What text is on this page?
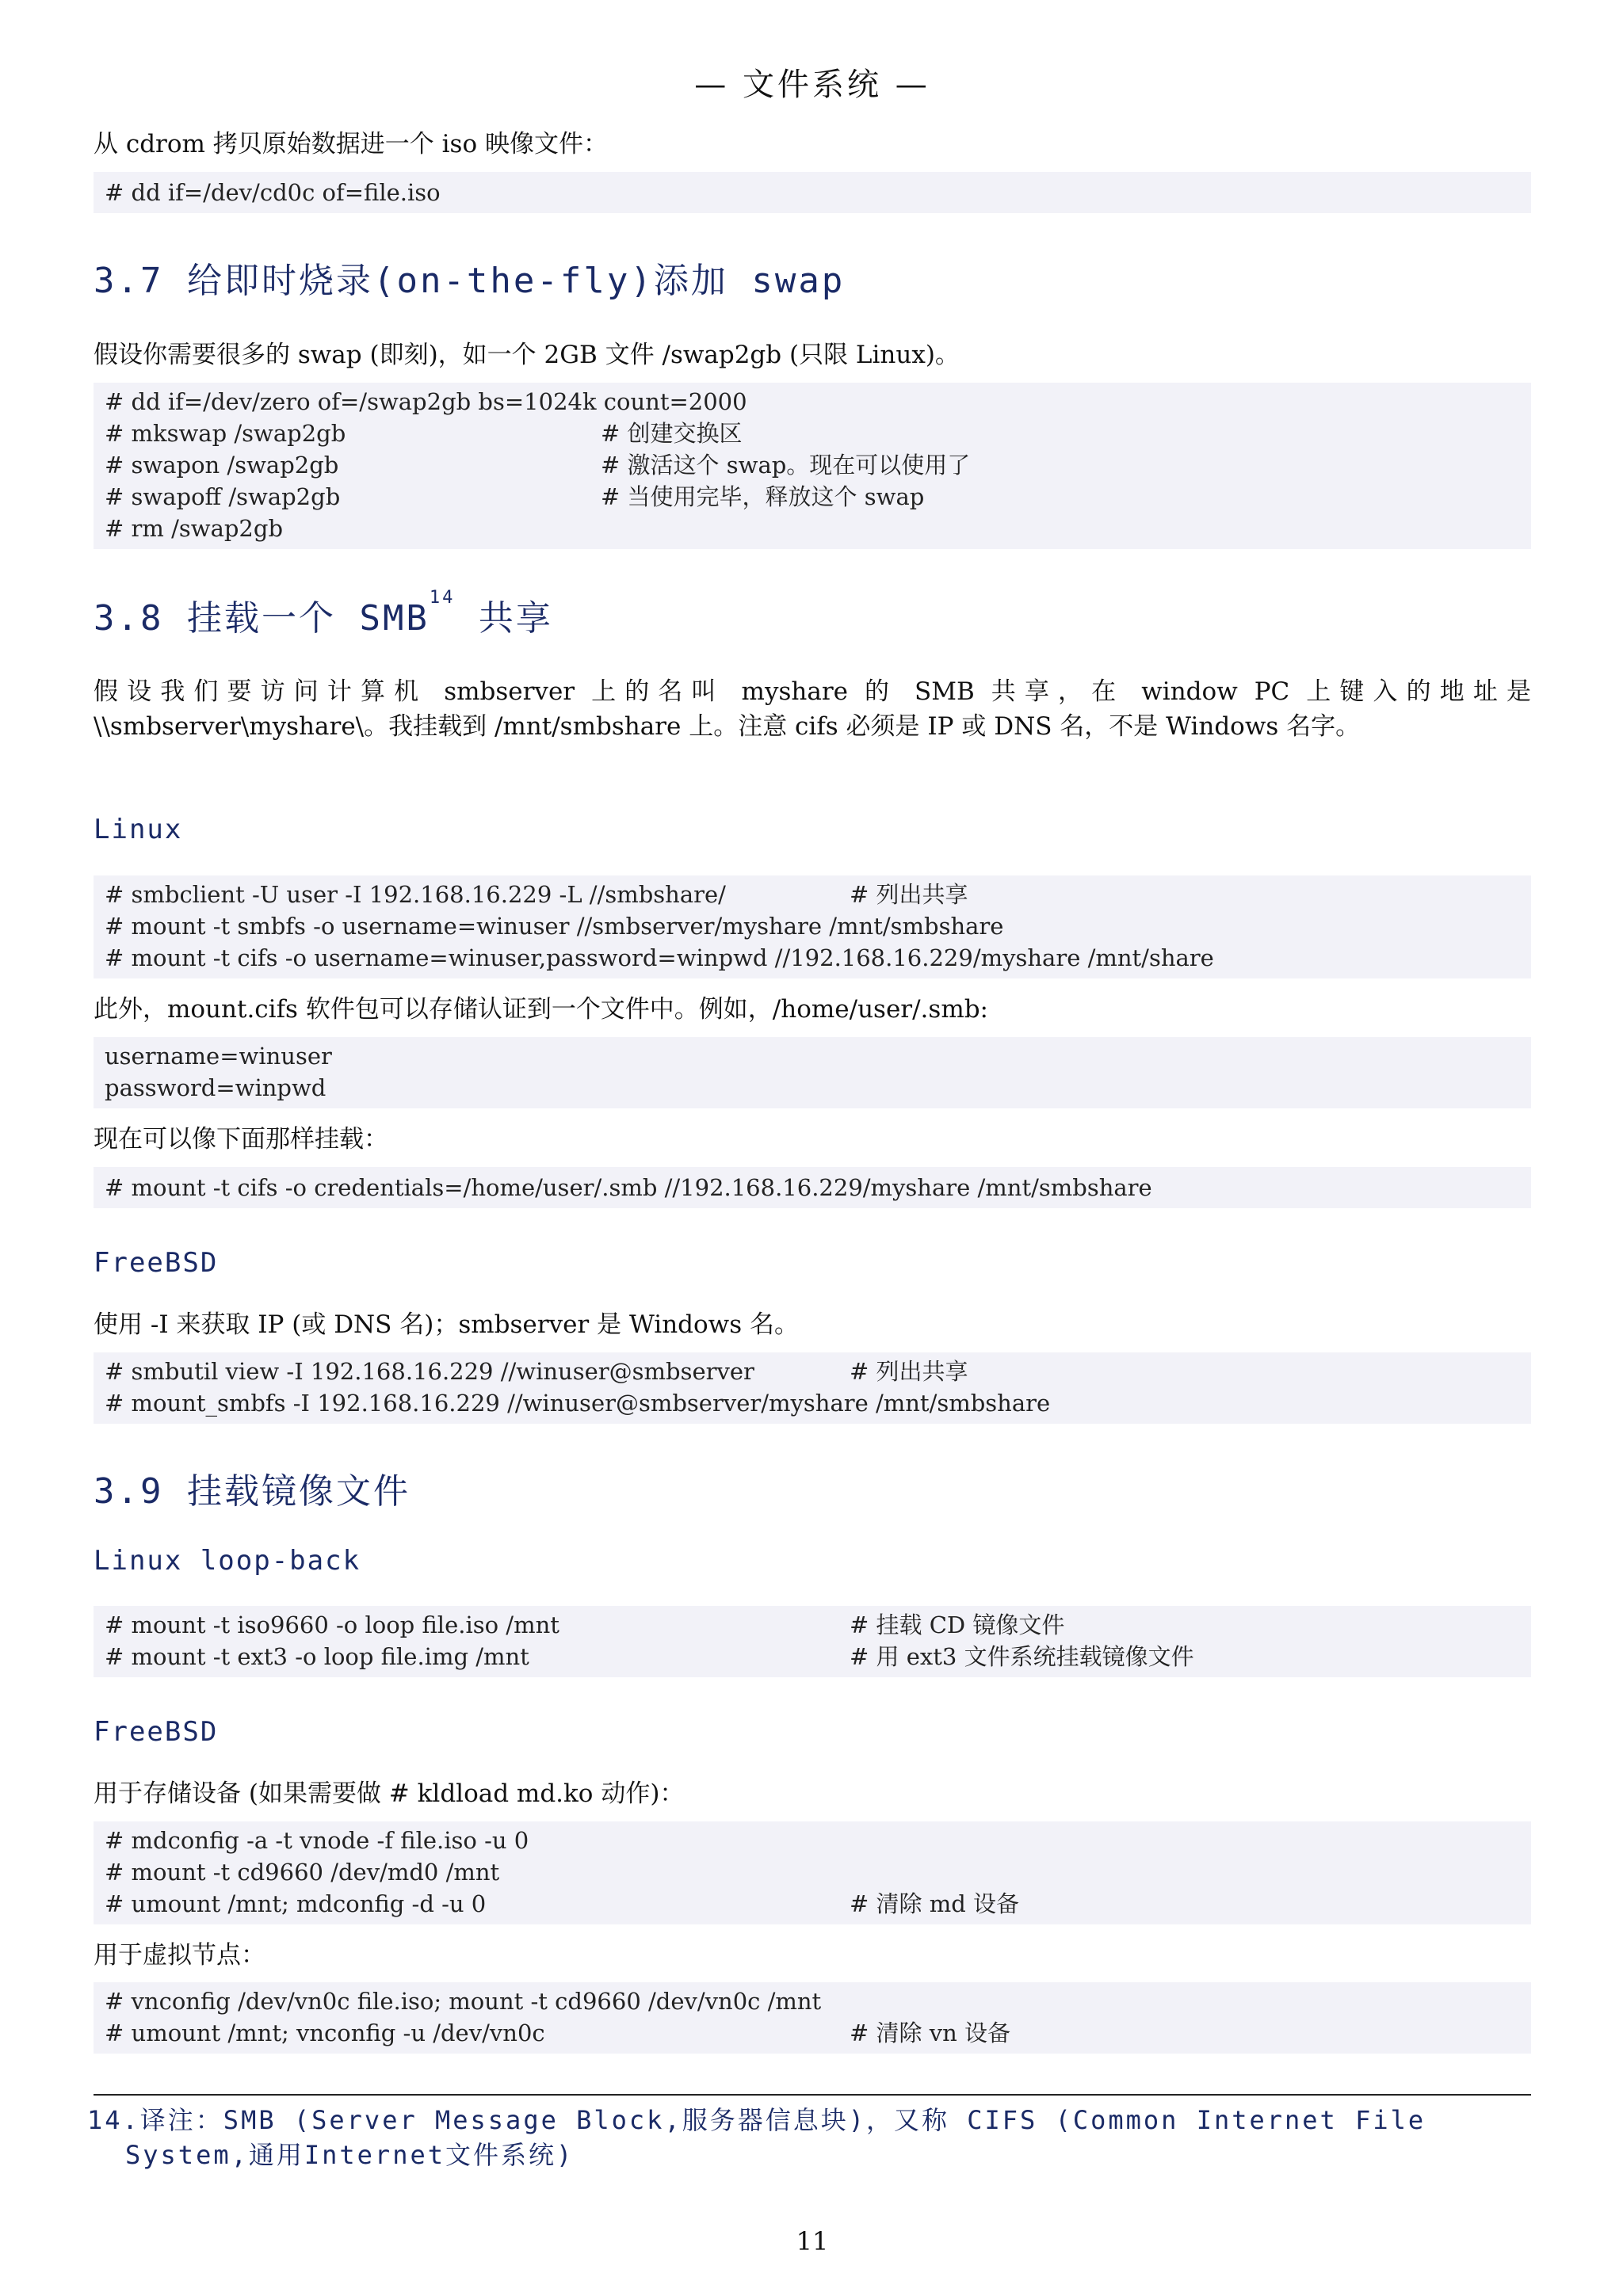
— 文件系统 —
从 cdrom 拷贝原始数据进一个 iso 映像文件：
# dd if=/dev/cd0c of=file.iso
3.7 给即时烧录(on-the-fly)添加 swap
假设你需要很多的 swap (即刻)，如一个 2GB 文件 /swap2gb (只限 Linux)。
# dd if=/dev/zero of=/swap2gb bs=1024k count=2000
# mkswap /swap2gb	# 创建交换区
# swapon /swap2gb	# 激活这个 swap。现在可以使用了
# swapoff /swap2gb	# 当使用完毕，释放这个 swap
# rm /swap2gb
3.8 挂载一个 SMB$^{14}$ 共享
假设我们要访问计算机 smbserver 上的名叫 myshare 的 SMB 共享，在 window PC 上键入的地址是 \\smbserver\myshare\。我挂载到 /mnt/smbshare 上。注意 cifs 必须是 IP 或 DNS 名，不是 Windows 名字。
Linux
# smbclient -U user -I 192.168.16.229 -L //smbshare/	# 列出共享
# mount -t smbfs -o username=winuser //smbserver/myshare /mnt/smbshare
# mount -t cifs -o username=winuser,password=winpwd //192.168.16.229/myshare /mnt/share
此外，mount.cifs 软件包可以存储认证到一个文件中。例如，/home/user/.smb:
username=winuser
password=winpwd
现在可以像下面那样挂载：
# mount -t cifs -o credentials=/home/user/.smb //192.168.16.229/myshare /mnt/smbshare
FreeBSD
使用 -I 来获取 IP (或 DNS 名)；smbserver 是 Windows 名。
# smbutil view -I 192.168.16.229 //winuser@smbserver	# 列出共享
# mount_smbfs -I 192.168.16.229 //winuser@smbserver/myshare /mnt/smbshare
3.9 挂载镜像文件
Linux loop-back
# mount -t iso9660 -o loop file.iso /mnt	# 挂载 CD 镜像文件
# mount -t ext3 -o loop file.img /mnt	# 用 ext3 文件系统挂载镜像文件
FreeBSD
用于存储设备 (如果需要做 # kldload md.ko 动作)：
# mdconfig -a -t vnode -f file.iso -u 0
# mount -t cd9660 /dev/md0 /mnt
# umount /mnt; mdconfig -d -u 0	# 清除 md 设备
用于虚拟节点：
# vnconfig /dev/vn0c file.iso; mount -t cd9660 /dev/vn0c /mnt
# umount /mnt; vnconfig -u /dev/vn0c	# 清除 vn 设备
14.译注：SMB (Server Message Block,服务器信息块)，又称 CIFS (Common Internet File
System,通用Internet文件系统)
11
